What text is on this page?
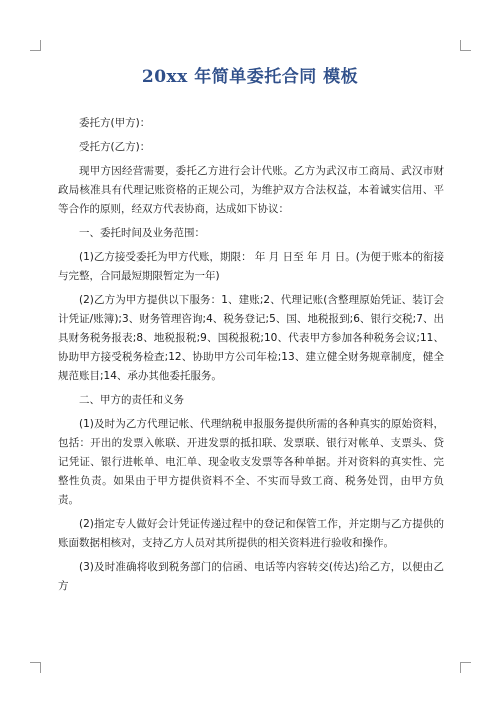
20xx 年简单委托合同 模板

委托方(甲方)：

受托方(乙方)：

现甲方因经营需要，委托乙方进行会计代账。乙方为武汉市工商局、武汉市财政局核准具有代理记账资格的正规公司，为维护双方合法权益，本着诚实信用、平等合作的原则，经双方代表协商，达成如下协议：

一、委托时间及业务范围：

(1)乙方接受委托为甲方代账，期限： 年 月 日至 年 月 日。(为便于账本的衔接与完整，合同最短期限暂定为一年)

(2)乙方为甲方提供以下服务：1、建账;2、代理记账(含整理原始凭证、装订会计凭证/账簿);3、财务管理咨询;4、税务登记;5、国、地税报到;6、银行交税;7、出具财务税务报表;8、地税报税;9、国税报税;10、代表甲方参加各种税务会议;11、协助甲方接受税务检查;12、协助甲方公司年检;13、建立健全财务规章制度，健全规范账目;14、承办其他委托服务。

二、甲方的责任和义务

(1)及时为乙方代理记帐、代理纳税申报服务提供所需的各种真实的原始资料，包括：开出的发票入帐联、开进发票的抵扣联、发票联、银行对帐单、支票头、贷记凭证、银行进帐单、电汇单、现金收支发票等各种单据。并对资料的真实性、完整性负责。如果由于甲方提供资料不全、不实而导致工商、税务处罚，由甲方负责。

(2)指定专人做好会计凭证传递过程中的登记和保管工作，并定期与乙方提供的账面数据相核对，支持乙方人员对其所提供的相关资料进行验收和操作。

(3)及时准确将收到税务部门的信函、电话等内容转交(传达)给乙方，以便由乙方
